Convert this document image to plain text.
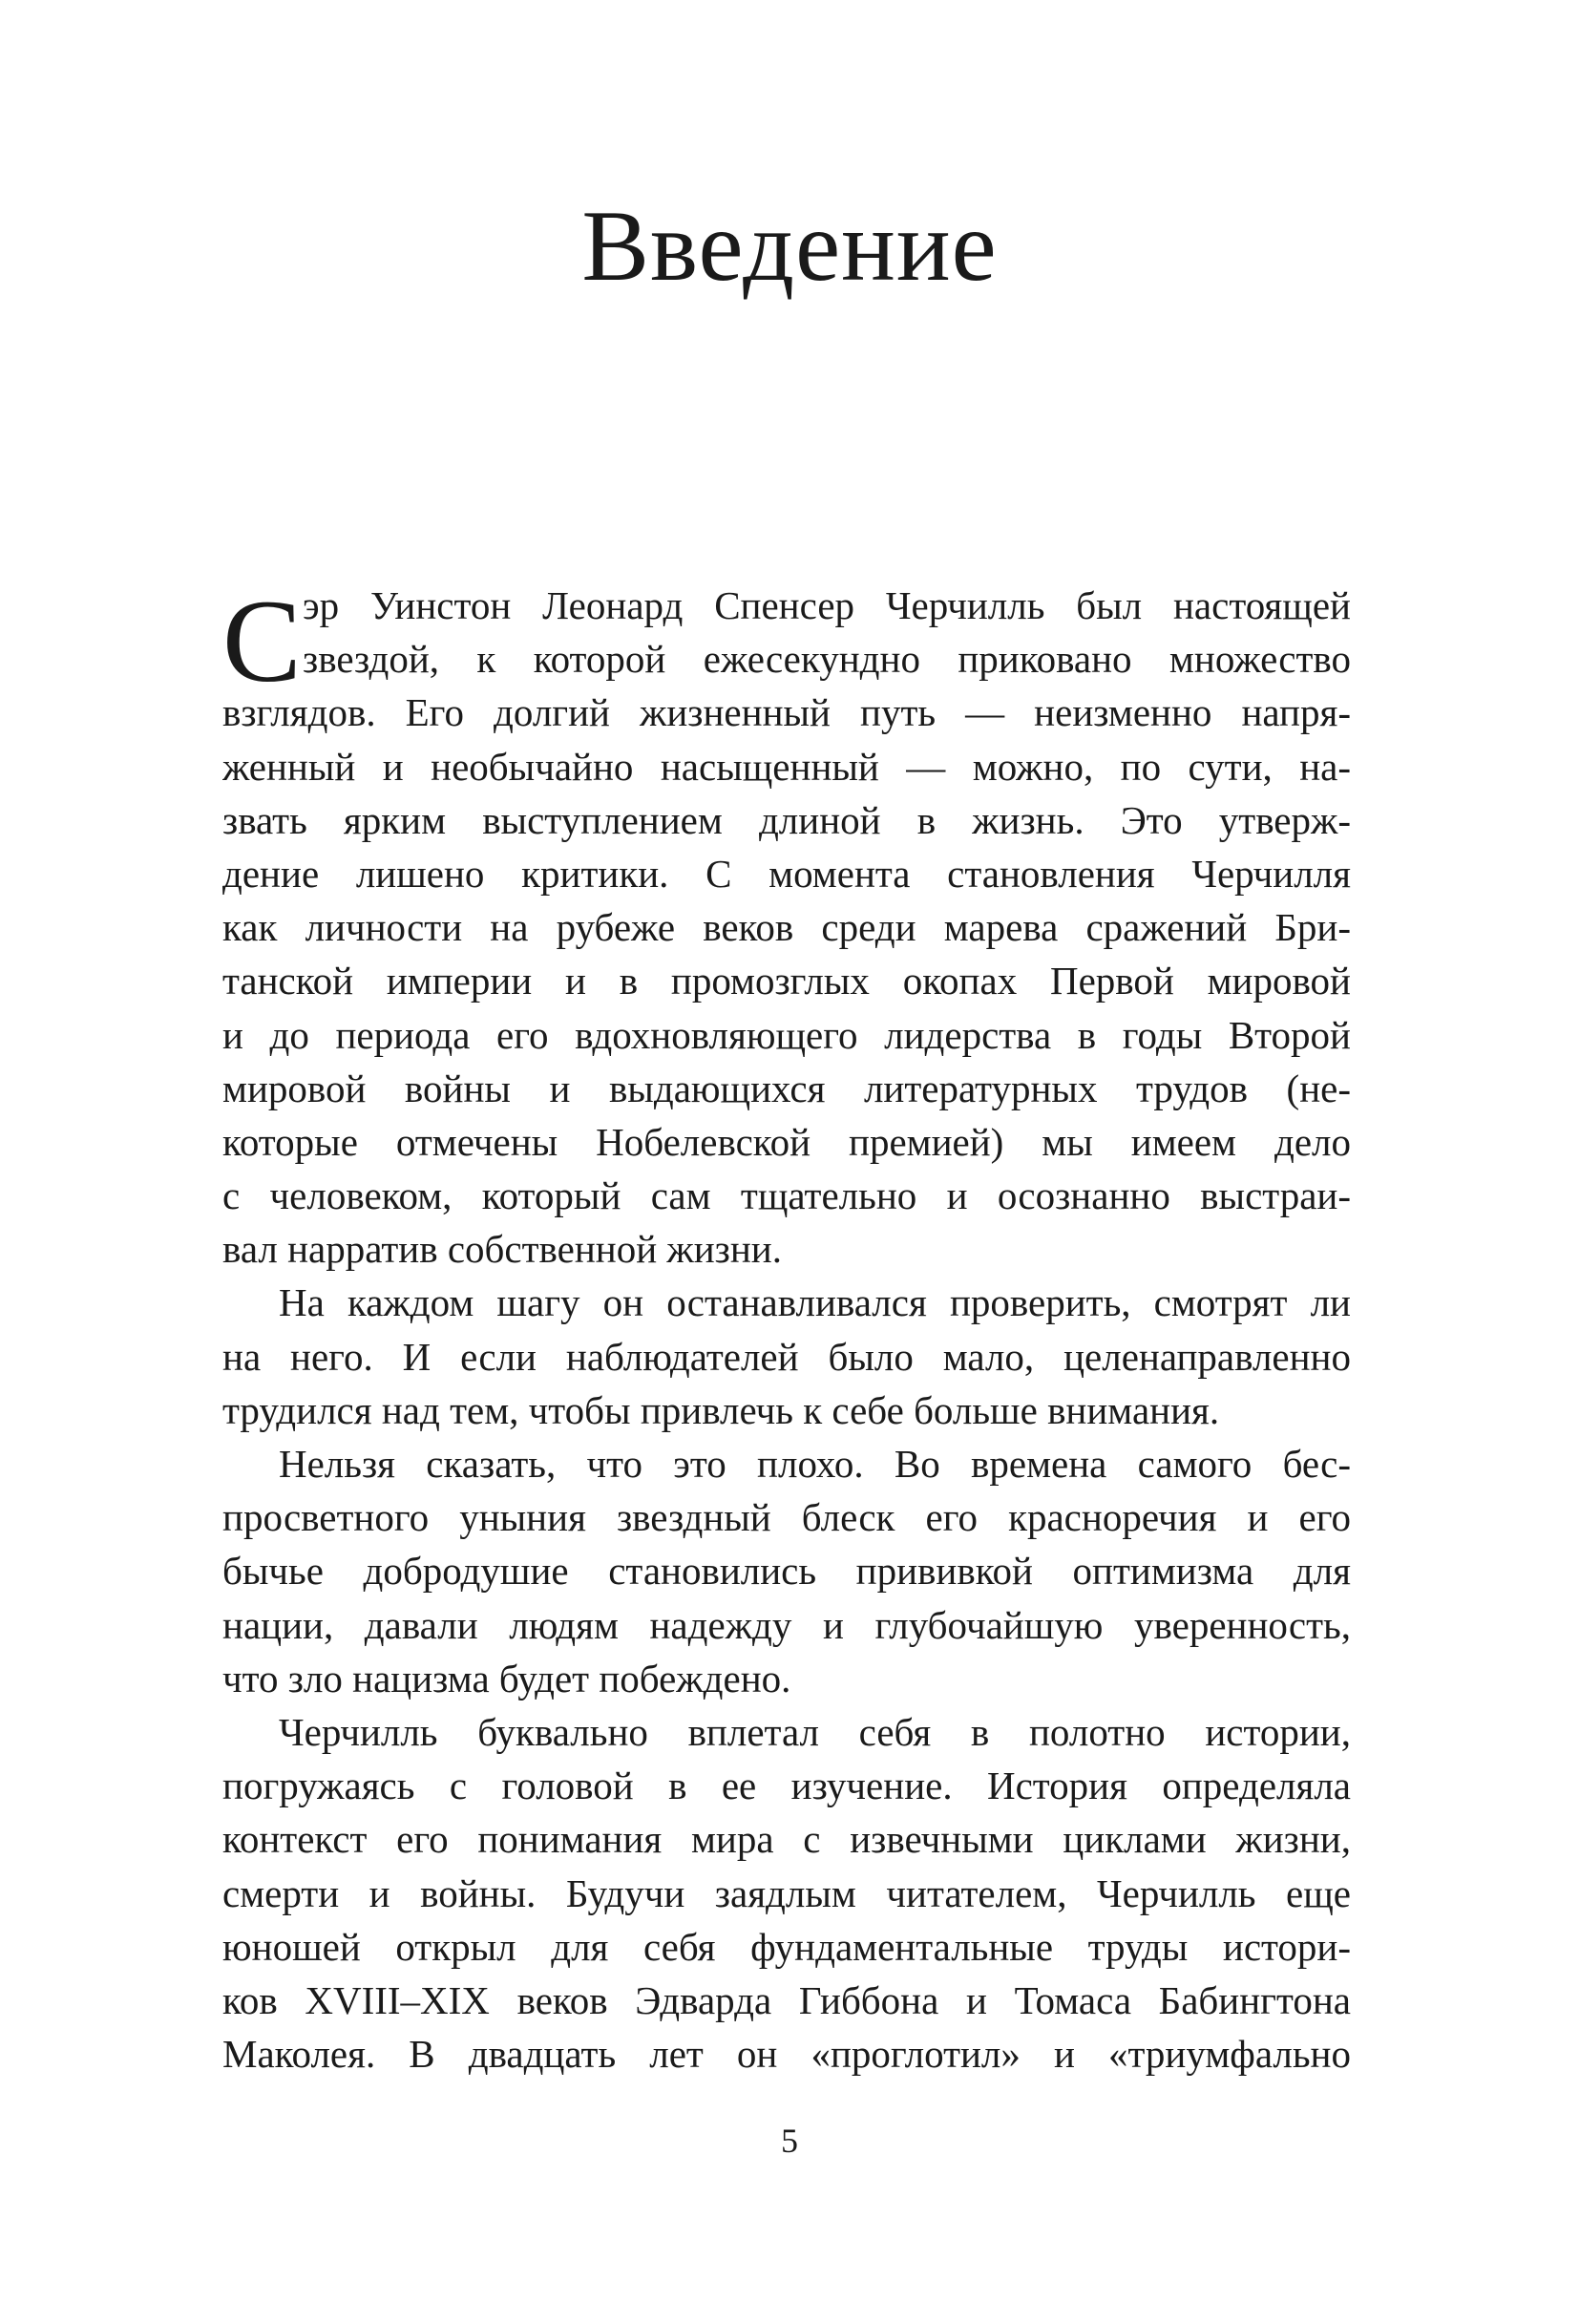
Введение
С эр Уинстон Леонард Спенсер Черчилль был настоящей
звездой, к которой ежесекундно приковано множество
взглядов. Его долгий жизненный путь — неизменно напря-
женный и необычайно насыщенный — можно, по сути, на-
звать ярким выступлением длиной в жизнь. Это утверж-
дение лишено критики. С момента становления Черчилля
как личности на рубеже веков среди марева сражений Бри-
танской империи и в промозглых окопах Первой мировой
и до периода его вдохновляющего лидерства в годы Второй
мировой войны и выдающихся литературных трудов (не-
которые отмечены Нобелевской премией) мы имеем дело
с человеком, который сам тщательно и осознанно выстраи-
вал нарратив собственной жизни.
На каждом шагу он останавливался проверить, смотрят ли
на него. И если наблюдателей было мало, целенаправленно
трудился над тем, чтобы привлечь к себе больше внимания.
Нельзя сказать, что это плохо. Во времена самого бес-
просветного уныния звездный блеск его красноречия и его
бычье добродушие становились прививкой оптимизма для
нации, давали людям надежду и глубочайшую уверенность,
что зло нацизма будет побеждено.
Черчилль буквально вплетал себя в полотно истории,
погружаясь с головой в ее изучение. История определяла
контекст его понимания мира с извечными циклами жизни,
смерти и войны. Будучи заядлым читателем, Черчилль еще
юношей открыл для себя фундаментальные труды истори-
ков XVIII–XIX веков Эдварда Гиббона и Томаса Бабингтона
Маколея. В двадцать лет он «проглотил» и «триумфально
5
